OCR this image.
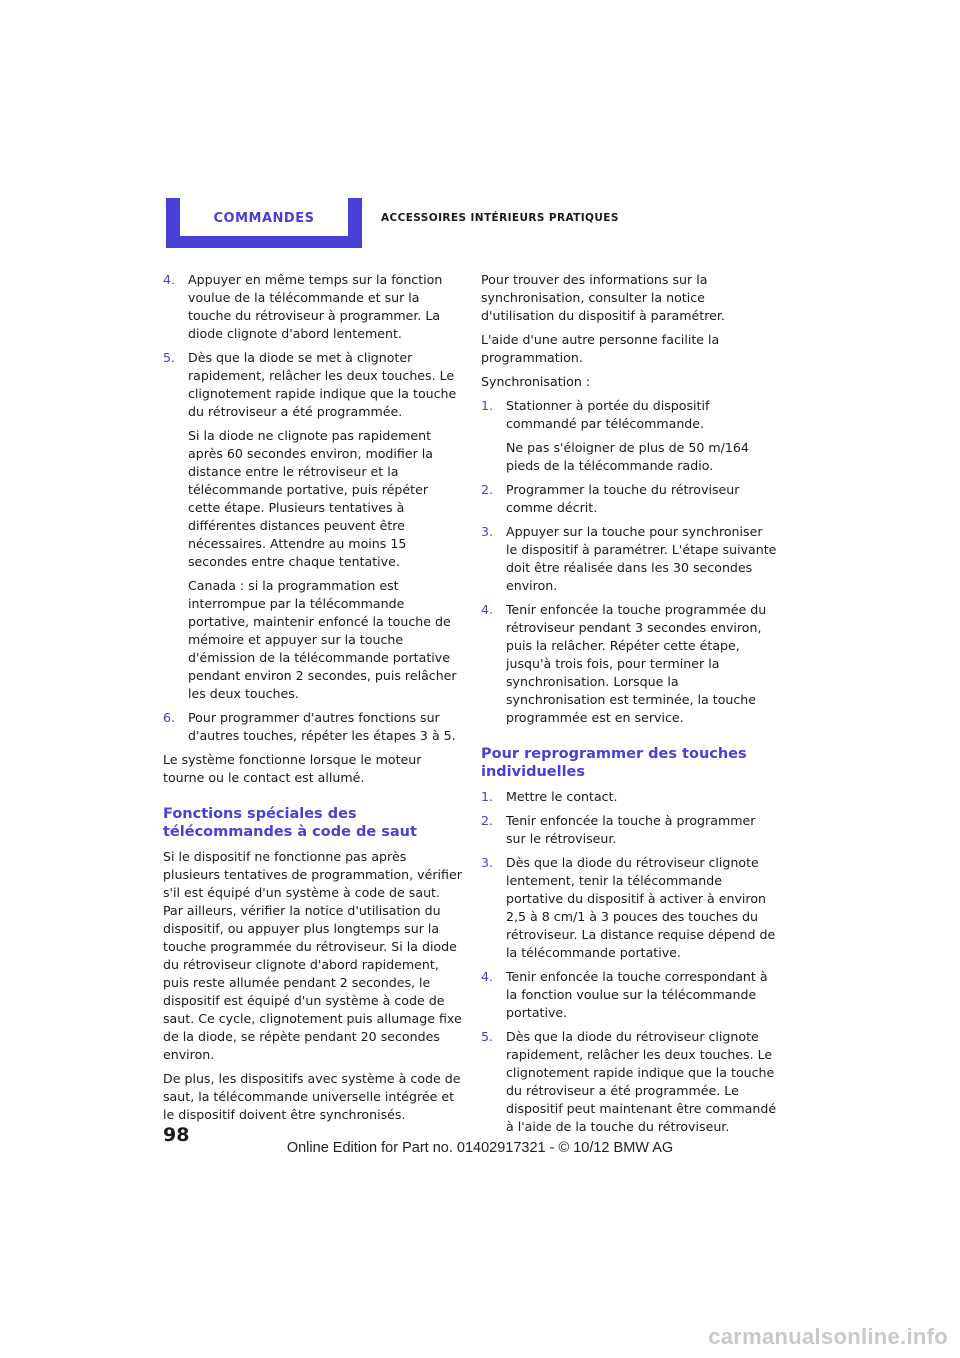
COMMANDES	ACCESSOIRES INTÉRIEURS PRATIQUES
4. Appuyer en même temps sur la fonction voulue de la télécommande et sur la touche du rétroviseur à programmer. La diode clignote d'abord lentement.

5. Dès que la diode se met à clignoter rapidement, relâcher les deux touches. Le clignotement rapide indique que la touche du rétroviseur a été programmée.

Si la diode ne clignote pas rapidement après 60 secondes environ, modifier la distance entre le rétroviseur et la télécommande portative, puis répéter cette étape. Plusieurs tentatives à différentes distances peuvent être nécessaires. Attendre au moins 15 secondes entre chaque tentative.

Canada : si la programmation est interrompue par la télécommande portative, maintenir enfoncé la touche de mémoire et appuyer sur la touche d'émission de la télécommande portative pendant environ 2 secondes, puis relâcher les deux touches.

6. Pour programmer d'autres fonctions sur d'autres touches, répéter les étapes 3 à 5.

Le système fonctionne lorsque le moteur tourne ou le contact est allumé.

Fonctions spéciales des télécommandes à code de saut

Si le dispositif ne fonctionne pas après plusieurs tentatives de programmation, vérifier s'il est équipé d'un système à code de saut. Par ailleurs, vérifier la notice d'utilisation du dispositif, ou appuyer plus longtemps sur la touche programmée du rétroviseur. Si la diode du rétroviseur clignote d'abord rapidement, puis reste allumée pendant 2 secondes, le dispositif est équipé d'un système à code de saut. Ce cycle, clignotement puis allumage fixe de la diode, se répète pendant 20 secondes environ.

De plus, les dispositifs avec système à code de saut, la télécommande universelle intégrée et le dispositif doivent être synchronisés.

Pour trouver des informations sur la synchronisation, consulter la notice d'utilisation du dispositif à paramétrer.

L'aide d'une autre personne facilite la programmation.

Synchronisation :

1. Stationner à portée du dispositif commandé par télécommande.

Ne pas s'éloigner de plus de 50 m/164 pieds de la télécommande radio.

2. Programmer la touche du rétroviseur comme décrit.

3. Appuyer sur la touche pour synchroniser le dispositif à paramétrer. L'étape suivante doit être réalisée dans les 30 secondes environ.

4. Tenir enfoncée la touche programmée du rétroviseur pendant 3 secondes environ, puis la relâcher. Répéter cette étape, jusqu'à trois fois, pour terminer la synchronisation. Lorsque la synchronisation est terminée, la touche programmée est en service.

Pour reprogrammer des touches individuelles
1. Mettre le contact.

2. Tenir enfoncée la touche à programmer sur le rétroviseur.

3. Dès que la diode du rétroviseur clignote lentement, tenir la télécommande portative du dispositif à activer à environ 2,5 à 8 cm/1 à 3 pouces des touches du rétroviseur. La distance requise dépend de la télécommande portative.

4. Tenir enfoncée la touche correspondant à la fonction voulue sur la télécommande portative.

5. Dès que la diode du rétroviseur clignote rapidement, relâcher les deux touches. Le clignotement rapide indique que la touche du rétroviseur a été programmée. Le dispositif peut maintenant être commandé à l'aide de la touche du rétroviseur.

98
Online Edition for Part no. 01402917321 - © 10/12 BMW AG
carmanualsonline.info
